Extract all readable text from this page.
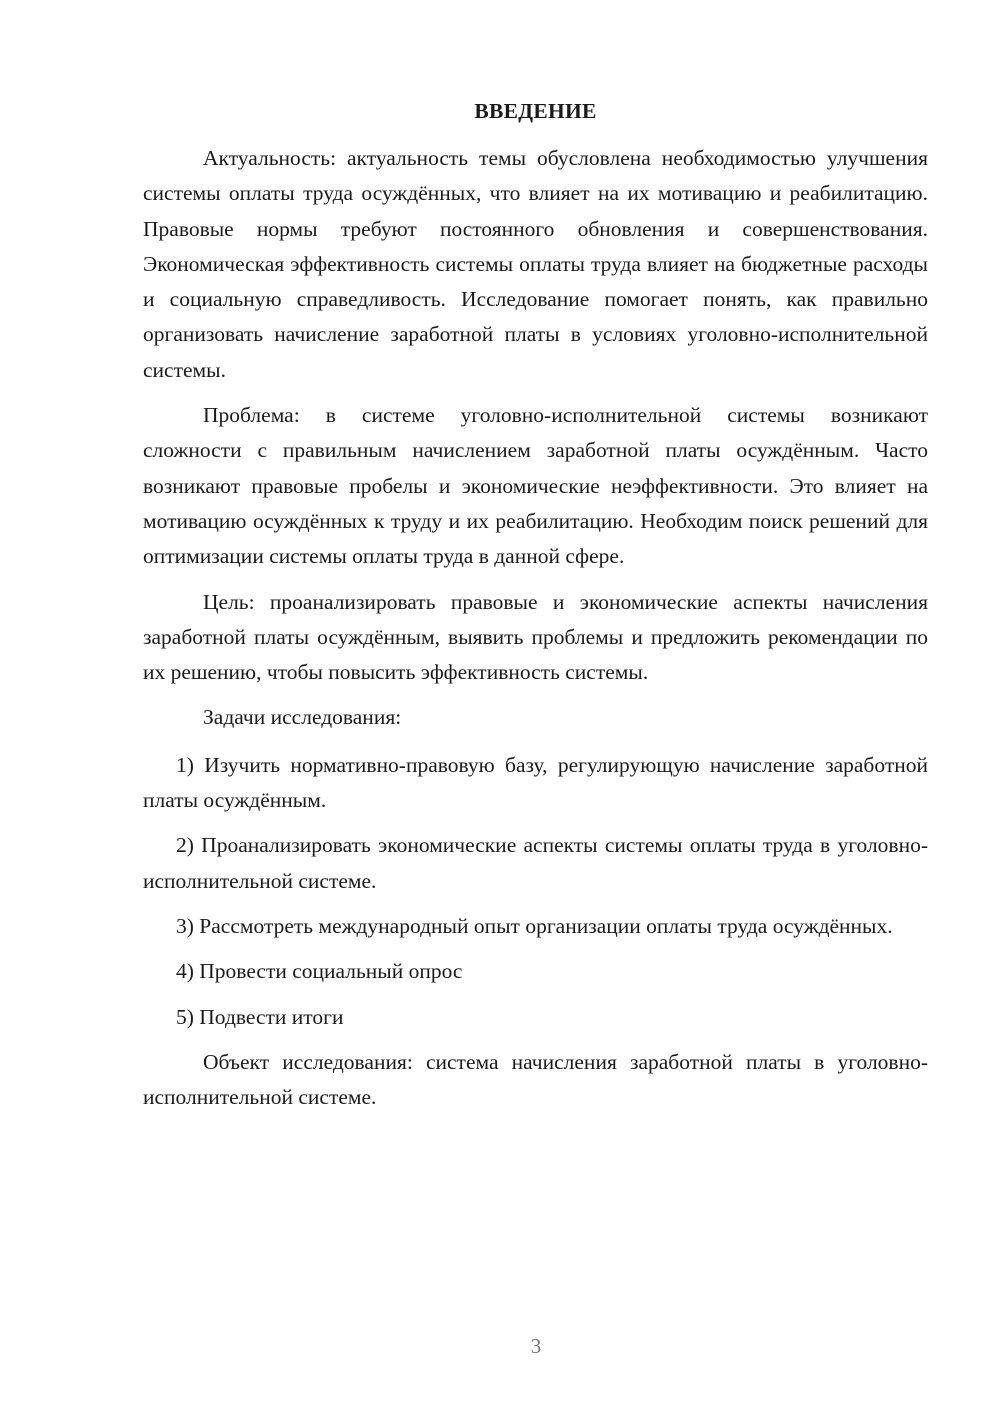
ВВЕДЕНИЕ

Актуальность: актуальность темы обусловлена необходимостью улучшения системы оплаты труда осуждённых, что влияет на их мотивацию и реабилитацию. Правовые нормы требуют постоянного обновления и совершенствования. Экономическая эффективность системы оплаты труда влияет на бюджетные расходы и социальную справедливость. Исследование помогает понять, как правильно организовать начисление заработной платы в условиях уголовно-исполнительной системы.

Проблема: в системе уголовно-исполнительной системы возникают сложности с правильным начислением заработной платы осуждённым. Часто возникают правовые пробелы и экономические неэффективности. Это влияет на мотивацию осуждённых к труду и их реабилитацию. Необходим поиск решений для оптимизации системы оплаты труда в данной сфере.

Цель: проанализировать правовые и экономические аспекты начисления заработной платы осуждённым, выявить проблемы и предложить рекомендации по их решению, чтобы повысить эффективность системы.

Задачи исследования:

1) Изучить нормативно-правовую базу, регулирующую начисление заработной платы осуждённым.

2) Проанализировать экономические аспекты системы оплаты труда в уголовно-исполнительной системе.

3) Рассмотреть международный опыт организации оплаты труда осуждённых.

4) Провести социальный опрос

5) Подвести итоги

Объект исследования: система начисления заработной платы в уголовно-исполнительной системе.

3
